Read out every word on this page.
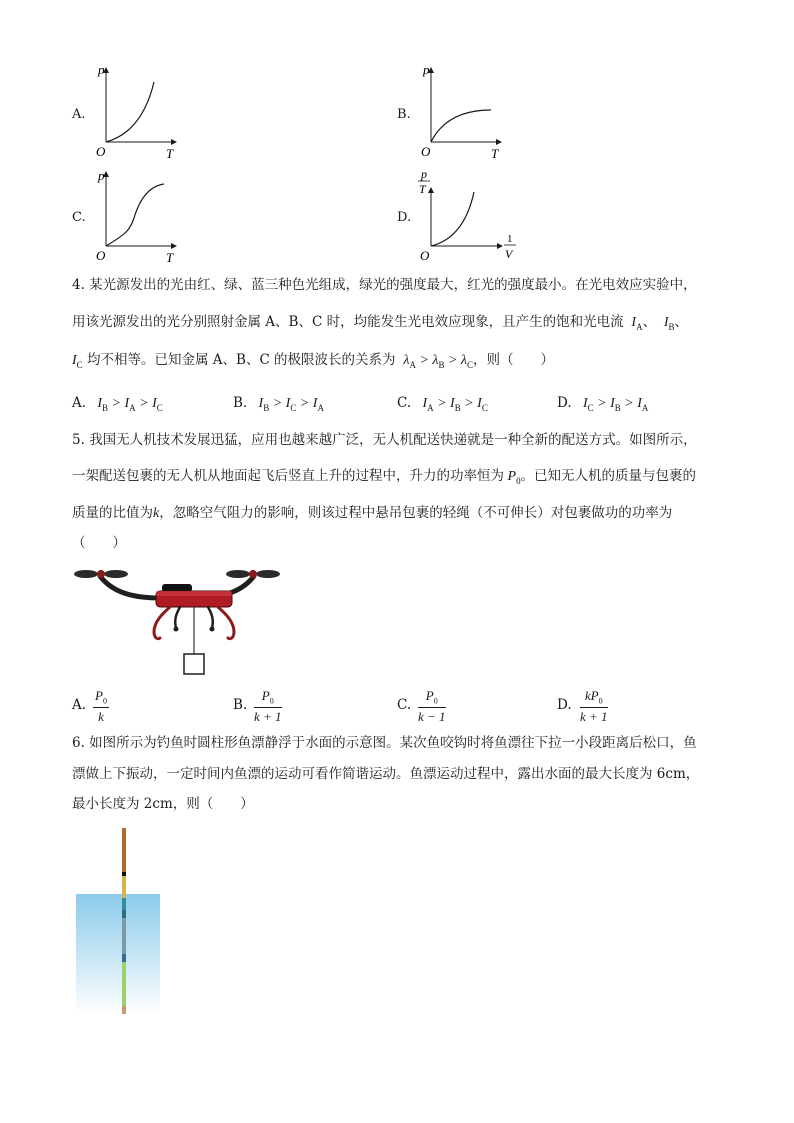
A.
O
p
T
B.
O
p
T
C.
O
p
T
D.
O
p
T
1
V
4. 某光源发出的光由红、绿、蓝三种色光组成，绿光的强度最大，红光的强度最小。在光电效应实验中，
用该光源发出的光分别照射金属 A、B、C 时，均能发生光电效应现象，且产生的饱和光电流  $I_A$、  $I_B$、
$I_C$ 均不相等。已知金属 A、B、C 的极限波长的关系为  $\lambda_A > \lambda_B > \lambda_C$，则（　　）
A.   $I_B > I_A > I_C$	B.   $I_B > I_C > I_A$	C.   $I_A > I_B > I_C$	D.   $I_C > I_B > I_A$
5. 我国无人机技术发展迅猛，应用也越来越广泛，无人机配送快递就是一种全新的配送方式。如图所示，
一架配送包裹的无人机从地面起飞后竖直上升的过程中，升力的功率恒为 $P_0$。已知无人机的质量与包裹的
质量的比值为k，忽略空气阻力的影响，则该过程中悬吊包裹的轻绳（不可伸长）对包裹做功的功率为
（　　）
A. $\frac{P_0}{k}$	B. $\frac{P_0}{k + 1}$	C. $\frac{P_0}{k - 1}$	D. $\frac{kP_0}{k + 1}$
6. 如图所示为钓鱼时圆柱形鱼漂静浮于水面的示意图。某次鱼咬钩时将鱼漂往下拉一小段距离后松口，鱼
漂做上下振动，一定时间内鱼漂的运动可看作简谐运动。鱼漂运动过程中，露出水面的最大长度为 6cm，
最小长度为 2cm，则（　　）
